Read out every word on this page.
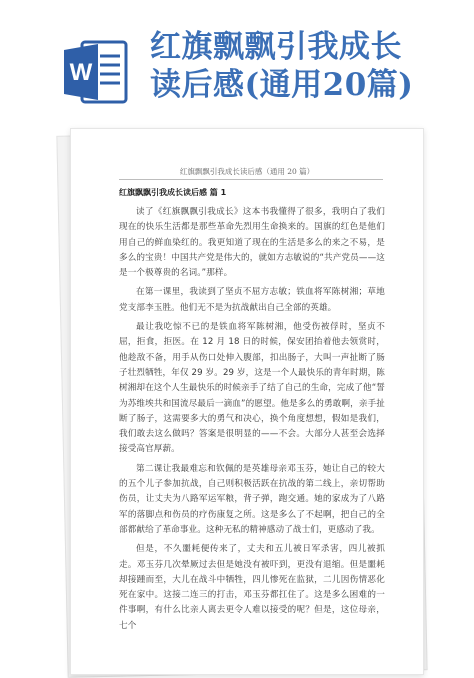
W
红旗飘飘引我成长
读后感(通用20篇)
红旗飘飘引我成长读后感（通用 20 篇）
红旗飘飘引我成长读后感 篇 1

读了《红旗飘飘引我成长》这本书我懂得了很多，我明白了我们现在的快乐生活都是那些革命先烈用生命换来的。国旗的红色是他们用自己的鲜血染红的。我更知道了现在的生活是多么的来之不易，是多么的宝贵！中国共产党是伟大的，就如方志敏说的“共产党员——这是一个极尊贵的名词。”那样。

在第一课里，我读到了坚贞不屈方志敏；铁血将军陈树湘；草地党支部李玉胜。他们无不是为抗战献出自己全部的英雄。

最让我吃惊不已的是铁血将军陈树湘，他受伤被俘时，坚贞不屈，拒食，拒医。在 12 月 18 日的时候，保安团抬着他去领赏时，他趁敌不备，用手从伤口处伸入腹部，扣出肠子，大叫一声扯断了肠子壮烈牺牲，年仅 29 岁。29 岁，这是一个人最快乐的青年时期，陈树湘却在这个人生最快乐的时候亲手了结了自己的生命，完成了他“誓为苏维埃共和国流尽最后一滴血”的愿望。他是多么的勇敢啊，亲手扯断了肠子，这需要多大的勇气和决心，换个角度想想，假如是我们，我们敢去这么做吗？答案是很明显的——不会。大部分人甚至会选择接受高官厚薪。

第二课让我最难忘和钦佩的是英雄母亲邓玉芬，她让自己的较大的五个儿子参加抗战，自己则积极活跃在抗战的第二线上，亲切帮助伤员，让丈夫为八路军运军粮，背子弹，跑交通。她的家成为了八路军的落脚点和伤员的疗伤康复之所。这是多么了不起啊，把自己的全部都献给了革命事业。这种无私的精神感动了战士们，更感动了我。

但是，不久噩耗便传来了，丈夫和五儿被日军杀害，四儿被抓走。邓玉芬几次晕厥过去但是她没有被吓到，更没有退缩。但是噩耗却接踵而至，大儿在战斗中牺牲，四儿惨死在监狱，二儿因伤情恶化死在家中。这接二连三的打击，邓玉芬都扛住了。这是多么困难的一件事啊，有什么比亲人离去更令人难以接受的呢？但是，这位母亲，七个
